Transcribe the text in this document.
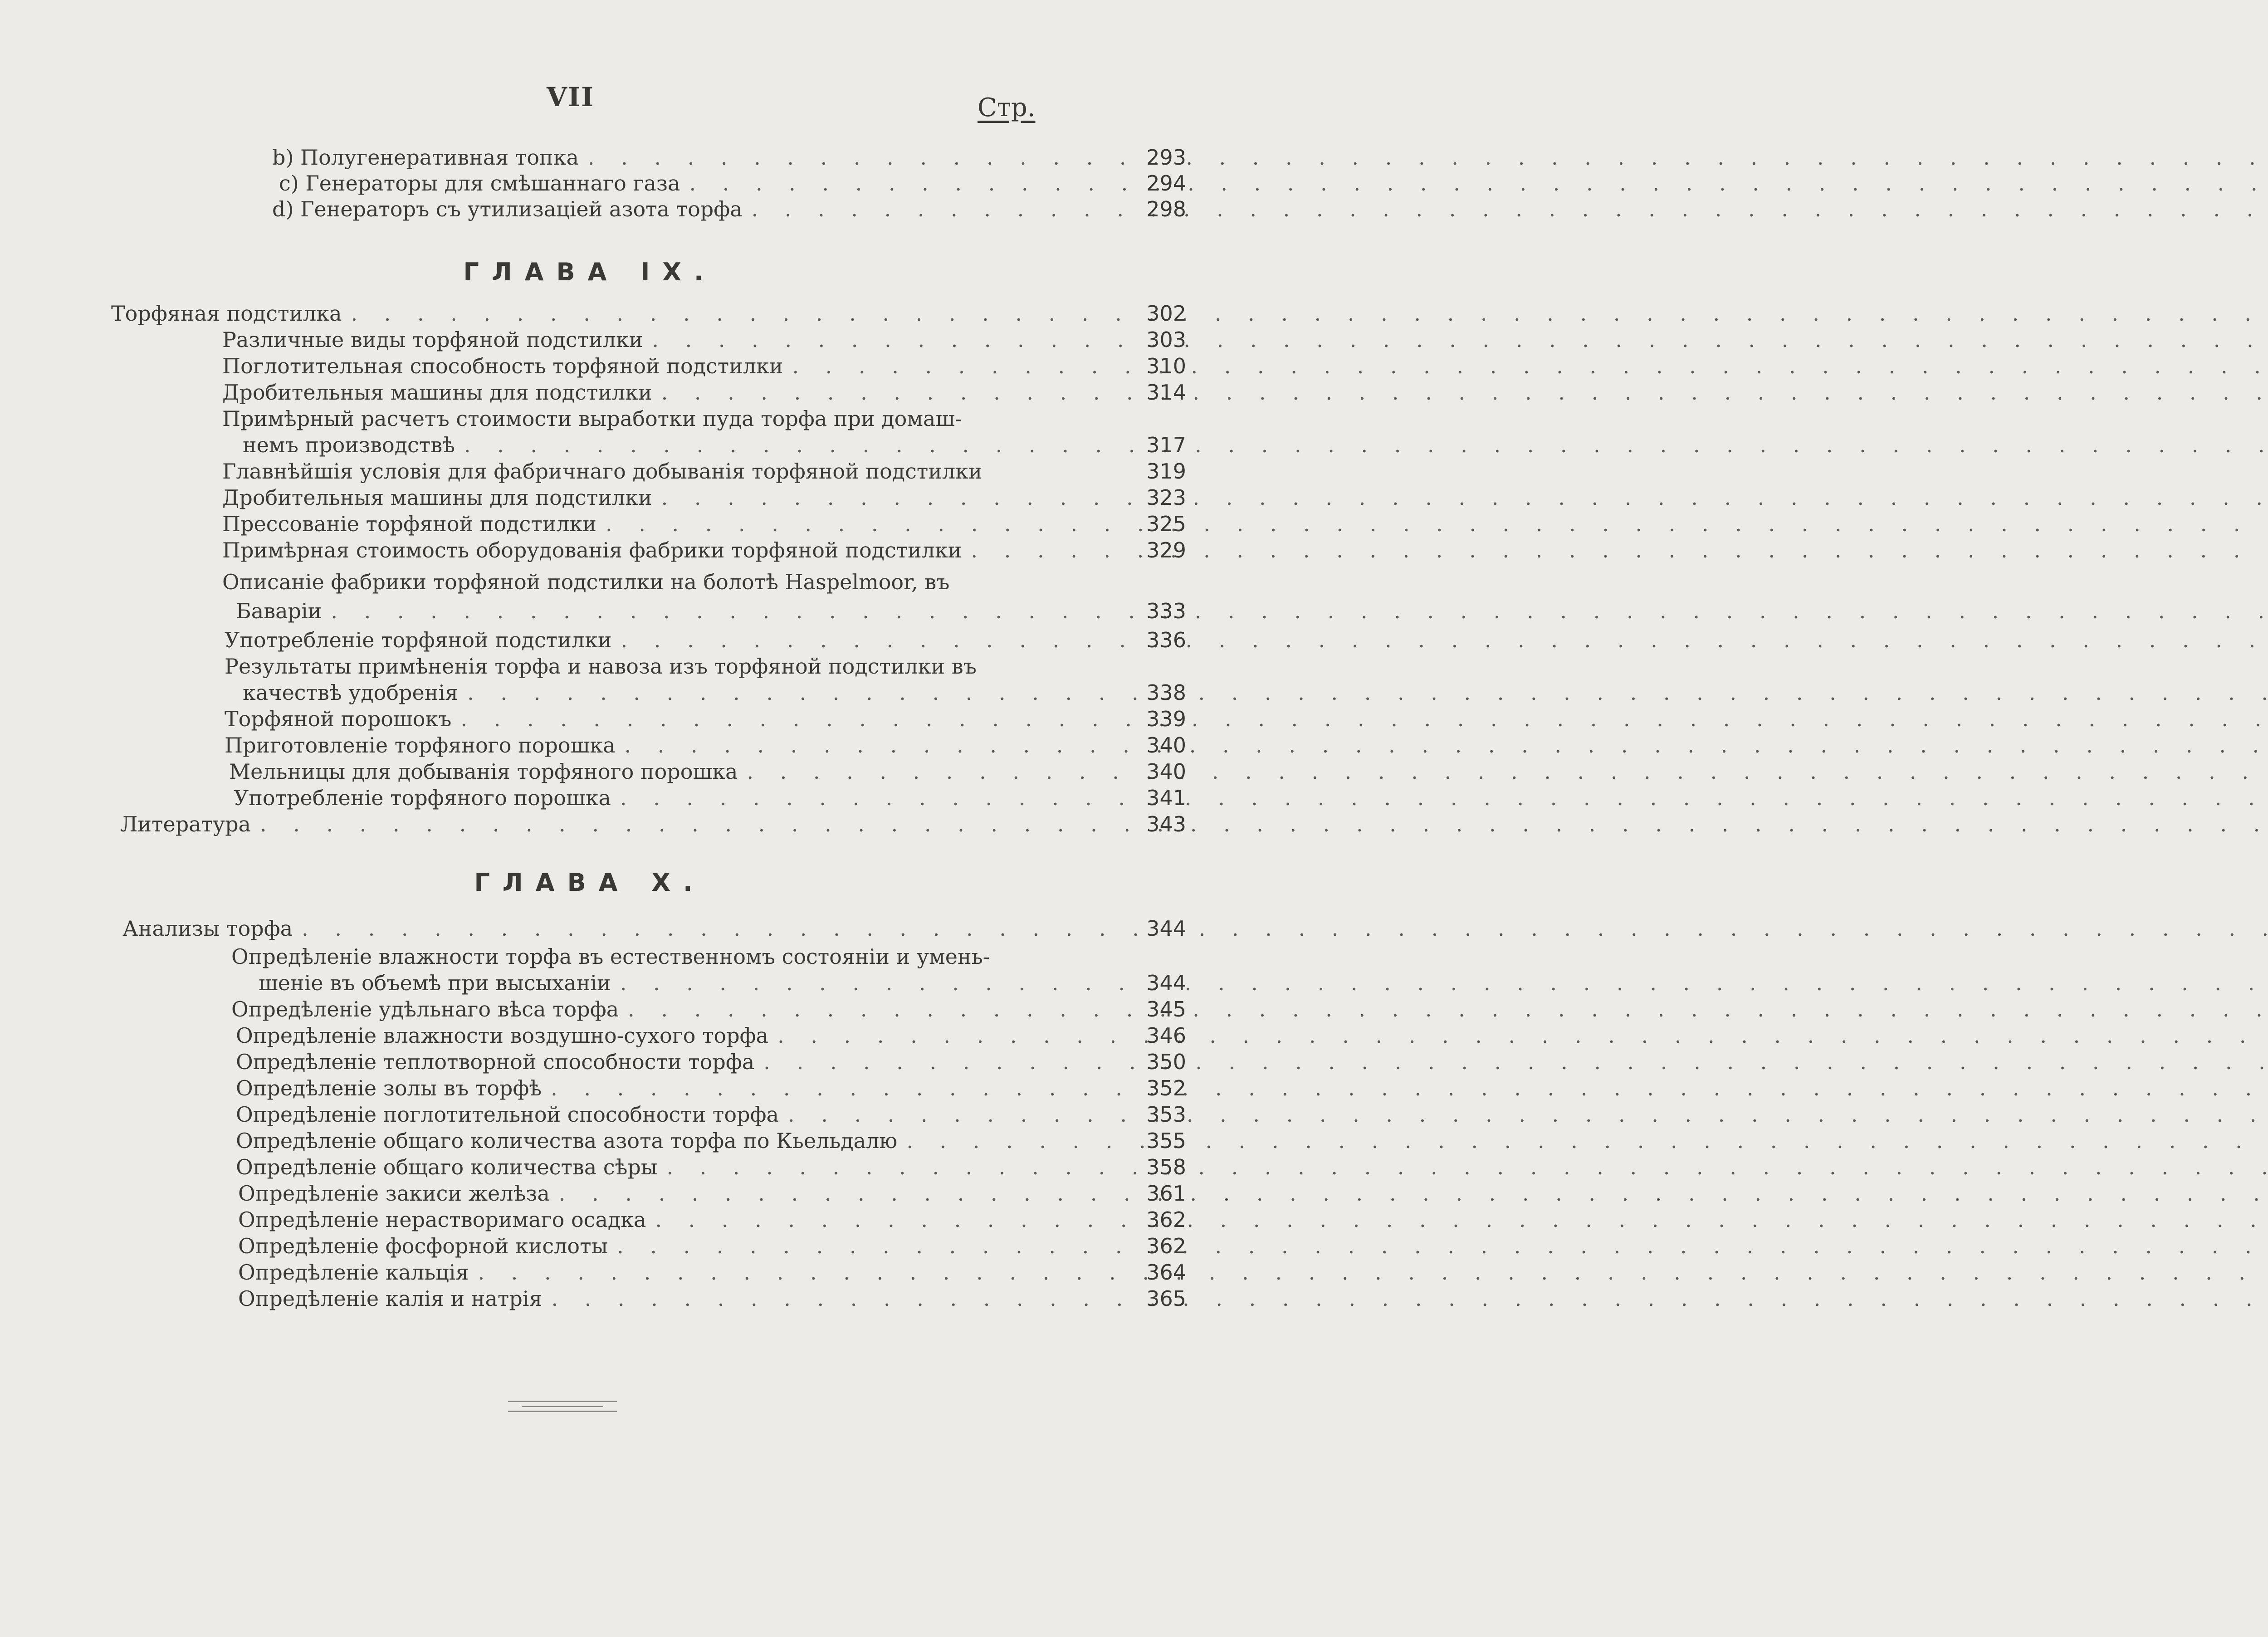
VII	Стр.
b) Полугенеративная топка . . .	293
c) Генераторы для смѣшаннаго газа . . .	294
d) Генераторъ съ утилизаціей азота торфа . . .	298
ГЛАВА IX.
Торфяная подстилка . . .	302
Различные виды торфяной подстилки . . .	303
Поглотительная способность торфяной подстилки . . .	310
Дробительныя машины для подстилки . . .	314
Примѣрный расчетъ стоимости выработки пуда торфа при домаш-
немъ производствѣ . . .	317
Главнѣйшія условія для фабричнаго добыванія торфяной подстилки	319
Дробительныя машины для подстилки . . .	323
Прессованіе торфяной подстилки . . .	325
Примѣрная стоимость оборудованія фабрики торфяной подстилки . . .	329
Описаніе фабрики торфяной подстилки на болотѣ Haspelmoor, въ
Баваріи . . .	333
Употребленіе торфяной подстилки . . .	336
Результаты примѣненія торфа и навоза изъ торфяной подстилки въ
качествѣ удобренія . . .	338
Торфяной порошокъ . . .	339
Приготовленіе торфяного порошка . . .	340
Мельницы для добыванія торфяного порошка . . .	340
Употребленіе торфяного порошка . . .	341
Литература . . .	343
ГЛАВА X.
Анализы торфа . . .	344
Опредѣленіе влажности торфа въ естественномъ состояніи и умень-
шеніе въ объемѣ при высыханіи . . .	344
Опредѣленіе удѣльнаго вѣса торфа . . .	345
Опредѣленіе влажности воздушно-сухого торфа . . .	346
Опредѣленіе теплотворной способности торфа . . .	350
Опредѣленіе золы въ торфѣ . . .	352
Опредѣленіе поглотительной способности торфа . . .	353
Опредѣленіе общаго количества азота торфа по Кьельдалю . . .	355
Опредѣленіе общаго количества сѣры . . .	358
Опредѣленіе закиси желѣза . . .	361
Опредѣленіе нерастворимаго осадка . . .	362
Опредѣленіе фосфорной кислоты . . .	362
Опредѣленіе кальція . . .	364
Опредѣленіе калія и натрія . . .	365
